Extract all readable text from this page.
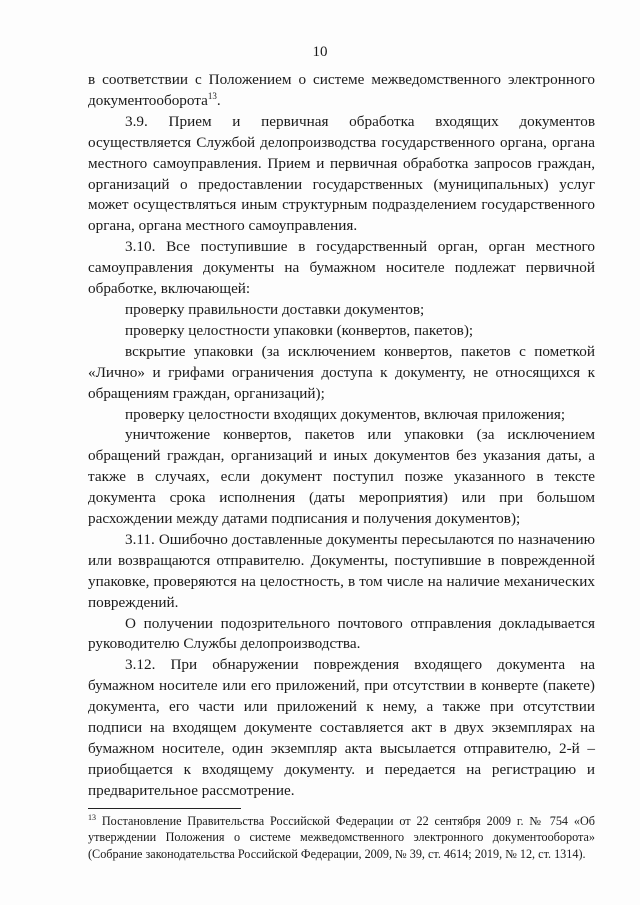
10

в соответствии с Положением о системе межведомственного электронного документооборота$^{13}$.

3.9. Прием и первичная обработка входящих документов осуществляется Службой делопроизводства государственного органа, органа местного самоуправления. Прием и первичная обработка запросов граждан, организаций о предоставлении государственных (муниципальных) услуг может осуществляться иным структурным подразделением государственного органа, органа местного самоуправления.

3.10. Все поступившие в государственный орган, орган местного самоуправления документы на бумажном носителе подлежат первичной обработке, включающей:

проверку правильности доставки документов;

проверку целостности упаковки (конвертов, пакетов);

вскрытие упаковки (за исключением конвертов, пакетов с пометкой «Лично» и грифами ограничения доступа к документу, не относящихся к обращениям граждан, организаций);

проверку целостности входящих документов, включая приложения;

уничтожение конвертов, пакетов или упаковки (за исключением обращений граждан, организаций и иных документов без указания даты, а также в случаях, если документ поступил позже указанного в тексте документа срока исполнения (даты мероприятия) или при большом расхождении между датами подписания и получения документов);

3.11. Ошибочно доставленные документы пересылаются по назначению или возвращаются отправителю. Документы, поступившие в поврежденной упаковке, проверяются на целостность, в том числе на наличие механических повреждений.

О получении подозрительного почтового отправления докладывается руководителю Службы делопроизводства.

3.12. При обнаружении повреждения входящего документа на бумажном носителе или его приложений, при отсутствии в конверте (пакете) документа, его части или приложений к нему, а также при отсутствии подписи на входящем документе составляется акт в двух экземплярах на бумажном носителе, один экземпляр акта высылается отправителю, 2-й – приобщается к входящему документу. и передается на регистрацию и предварительное рассмотрение.

$^{13}$ Постановление Правительства Российской Федерации от 22 сентября 2009 г. № 754 «Об утверждении Положения о системе межведомственного электронного документооборота» (Собрание законодательства Российской Федерации, 2009, № 39, ст. 4614; 2019, № 12, ст. 1314).
